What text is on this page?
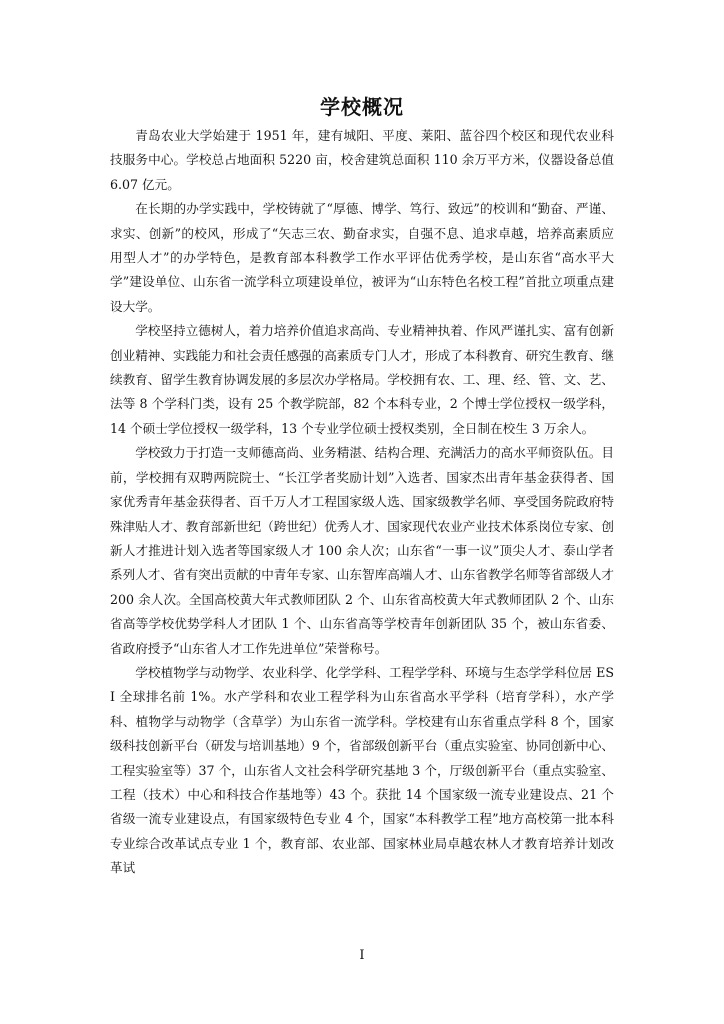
学校概况

青岛农业大学始建于 1951 年，建有城阳、平度、莱阳、蓝谷四个校区和现代农业科技服务中心。学校总占地面积 5220 亩，校舍建筑总面积 110 余万平方米，仪器设备总值 6.07 亿元。

在长期的办学实践中，学校铸就了“厚德、博学、笃行、致远”的校训和“勤奋、严谨、求实、创新”的校风，形成了“矢志三农、勤奋求实，自强不息、追求卓越，培养高素质应用型人才”的办学特色，是教育部本科教学工作水平评估优秀学校，是山东省“高水平大学”建设单位、山东省一流学科立项建设单位，被评为“山东特色名校工程”首批立项重点建设大学。

学校坚持立德树人，着力培养价值追求高尚、专业精神执着、作风严谨扎实、富有创新创业精神、实践能力和社会责任感强的高素质专门人才，形成了本科教育、研究生教育、继续教育、留学生教育协调发展的多层次办学格局。学校拥有农、工、理、经、管、文、艺、法等 8 个学科门类，设有 25 个教学院部，82 个本科专业，2 个博士学位授权一级学科，14 个硕士学位授权一级学科，13 个专业学位硕士授权类别，全日制在校生 3 万余人。

学校致力于打造一支师德高尚、业务精湛、结构合理、充满活力的高水平师资队伍。目前，学校拥有双聘两院院士、“长江学者奖励计划”入选者、国家杰出青年基金获得者、国家优秀青年基金获得者、百千万人才工程国家级人选、国家级教学名师、享受国务院政府特殊津贴人才、教育部新世纪（跨世纪）优秀人才、国家现代农业产业技术体系岗位专家、创新人才推进计划入选者等国家级人才 100 余人次；山东省“一事一议”顶尖人才、泰山学者系列人才、省有突出贡献的中青年专家、山东智库高端人才、山东省教学名师等省部级人才 200 余人次。全国高校黄大年式教师团队 2 个、山东省高校黄大年式教师团队 2 个、山东省高等学校优势学科人才团队 1 个、山东省高等学校青年创新团队 35 个，被山东省委、省政府授予“山东省人才工作先进单位”荣誉称号。

学校植物学与动物学、农业科学、化学学科、工程学学科、环境与生态学学科位居 ESI 全球排名前 1%。水产学科和农业工程学科为山东省高水平学科（培育学科），水产学科、植物学与动物学（含草学）为山东省一流学科。学校建有山东省重点学科 8 个，国家级科技创新平台（研发与培训基地）9 个，省部级创新平台（重点实验室、协同创新中心、工程实验室等）37 个，山东省人文社会科学研究基地 3 个，厅级创新平台（重点实验室、工程（技术）中心和科技合作基地等）43 个。获批 14 个国家级一流专业建设点、21 个省级一流专业建设点，有国家级特色专业 4 个，国家“本科教学工程”地方高校第一批本科专业综合改革试点专业 1 个，教育部、农业部、国家林业局卓越农林人才教育培养计划改革试

I
